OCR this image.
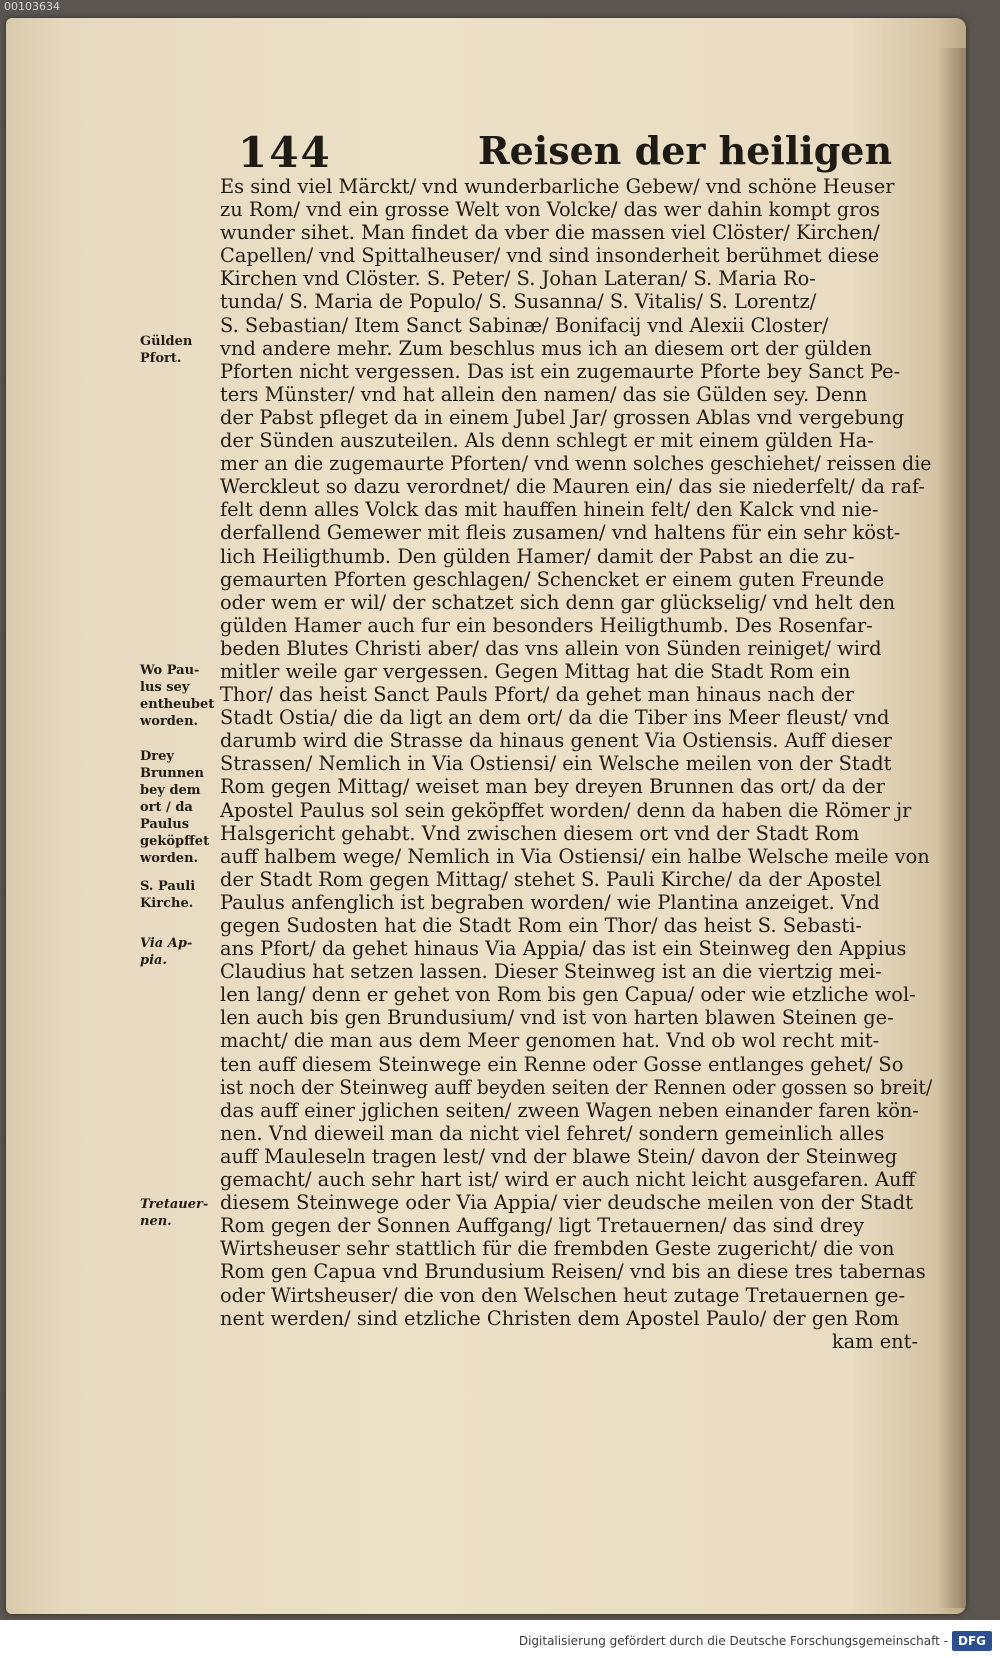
00103634
144	Reisen der heiligen
Es sind viel Märckt/ vnd wunderbarliche Gebew/ vnd schöne Heuser
zu Rom/ vnd ein grosse Welt von Volcke/ das wer dahin kompt gros
wunder sihet. Man findet da vber die massen viel Clöster/ Kirchen/
Capellen/ vnd Spittalheuser/ vnd sind insonderheit berühmet diese
Kirchen vnd Clöster. S. Peter/ S. Johan Lateran/ S. Maria Ro-
tunda/ S. Maria de Populo/ S. Susanna/ S. Vitalis/ S. Lorentz/
S. Sebastian/ Item Sanct Sabinæ/ Bonifacij vnd Alexii Closter/
vnd andere mehr. Zum beschlus mus ich an diesem ort der gülden
Pforten nicht vergessen. Das ist ein zugemaurte Pforte bey Sanct Pe-
ters Münster/ vnd hat allein den namen/ das sie Gülden sey. Denn
der Pabst pfleget da in einem Jubel Jar/ grossen Ablas vnd vergebung
der Sünden auszuteilen. Als denn schlegt er mit einem gülden Ha-
mer an die zugemaurte Pforten/ vnd wenn solches geschiehet/ reissen die
Werckleut so dazu verordnet/ die Mauren ein/ das sie niederfelt/ da raf-
felt denn alles Volck das mit hauffen hinein felt/ den Kalck vnd nie-
derfallend Gemewer mit fleis zusamen/ vnd haltens für ein sehr köst-
lich Heiligthumb. Den gülden Hamer/ damit der Pabst an die zu-
gemaurten Pforten geschlagen/ Schencket er einem guten Freunde
oder wem er wil/ der schatzet sich denn gar glückselig/ vnd helt den
gülden Hamer auch fur ein besonders Heiligthumb. Des Rosenfar-
beden Blutes Christi aber/ das vns allein von Sünden reiniget/ wird
mitler weile gar vergessen. Gegen Mittag hat die Stadt Rom ein
Thor/ das heist Sanct Pauls Pfort/ da gehet man hinaus nach der
Stadt Ostia/ die da ligt an dem ort/ da die Tiber ins Meer fleust/ vnd
darumb wird die Strasse da hinaus genent Via Ostiensis. Auff dieser
Strassen/ Nemlich in Via Ostiensi/ ein Welsche meilen von der Stadt
Rom gegen Mittag/ weiset man bey dreyen Brunnen das ort/ da der
Apostel Paulus sol sein geköpffet worden/ denn da haben die Römer jr
Halsgericht gehabt. Vnd zwischen diesem ort vnd der Stadt Rom
auff halbem wege/ Nemlich in Via Ostiensi/ ein halbe Welsche meile von
der Stadt Rom gegen Mittag/ stehet S. Pauli Kirche/ da der Apostel
Paulus anfenglich ist begraben worden/ wie Plantina anzeiget. Vnd
gegen Sudosten hat die Stadt Rom ein Thor/ das heist S. Sebasti-
ans Pfort/ da gehet hinaus Via Appia/ das ist ein Steinweg den Appius
Claudius hat setzen lassen. Dieser Steinweg ist an die viertzig mei-
len lang/ denn er gehet von Rom bis gen Capua/ oder wie etzliche wol-
len auch bis gen Brundusium/ vnd ist von harten blawen Steinen ge-
macht/ die man aus dem Meer genomen hat. Vnd ob wol recht mit-
ten auff diesem Steinwege ein Renne oder Gosse entlanges gehet/ So
ist noch der Steinweg auff beyden seiten der Rennen oder gossen so breit/
das auff einer jglichen seiten/ zween Wagen neben einander faren kön-
nen. Vnd dieweil man da nicht viel fehret/ sondern gemeinlich alles
auff Mauleseln tragen lest/ vnd der blawe Stein/ davon der Steinweg
gemacht/ auch sehr hart ist/ wird er auch nicht leicht ausgefaren. Auff
diesem Steinwege oder Via Appia/ vier deudsche meilen von der Stadt
Rom gegen der Sonnen Auffgang/ ligt Tretauernen/ das sind drey
Wirtsheuser sehr stattlich für die frembden Geste zugericht/ die von
Rom gen Capua vnd Brundusium Reisen/ vnd bis an diese tres tabernas
oder Wirtsheuser/ die von den Welschen heut zutage Tretauernen ge-
nent werden/ sind etzliche Christen dem Apostel Paulo/ der gen Rom
kam ent-
Gülden
Pfort.
Wo Pau-
lus sey
entheubet
worden.
Drey
Brunnen
bey dem
ort / da
Paulus
geköpffet
worden.
S. Pauli
Kirche.
Via Ap-
pia.
Tretauer-
nen.
Digitalisierung gefördert durch die Deutsche Forschungsgemeinschaft - DFG
